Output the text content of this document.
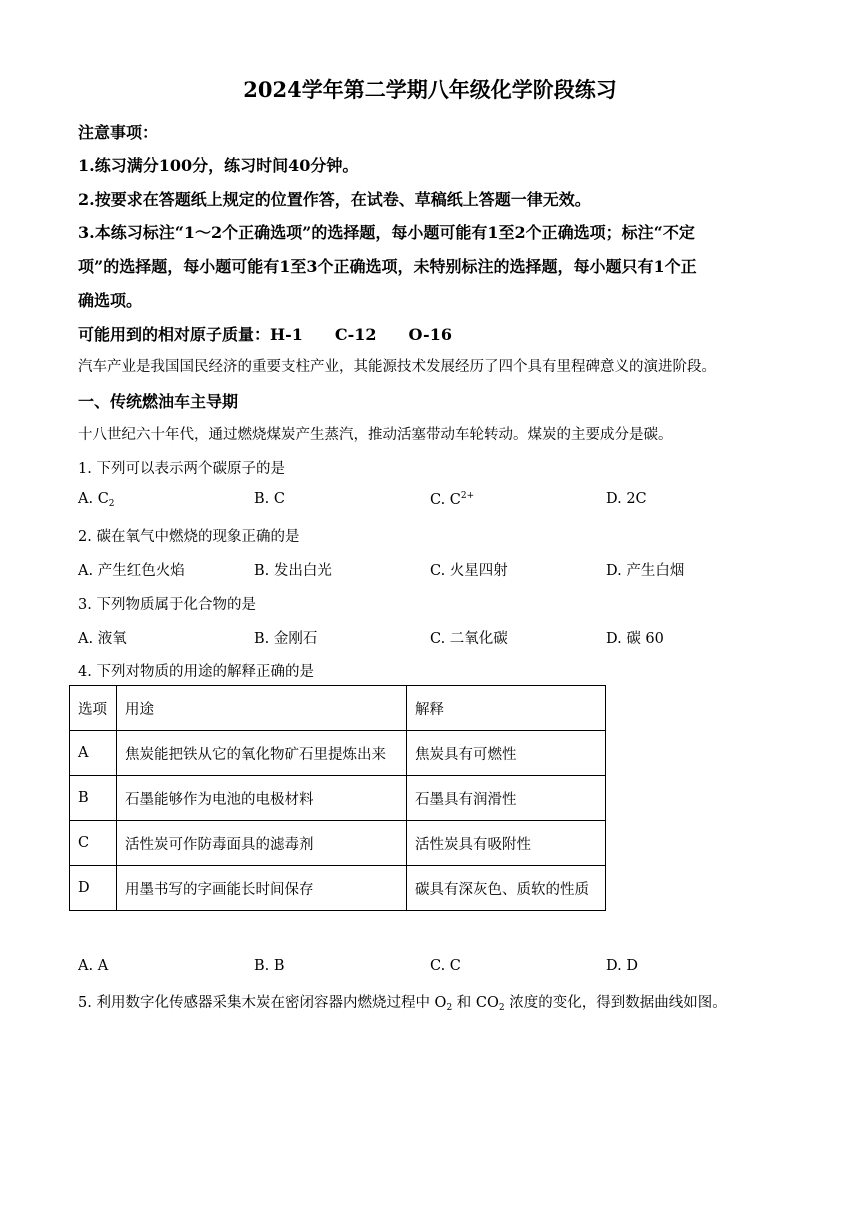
2024学年第二学期八年级化学阶段练习
注意事项：
1.练习满分100分，练习时间40分钟。
2.按要求在答题纸上规定的位置作答，在试卷、草稿纸上答题一律无效。
3.本练习标注“1～2个正确选项”的选择题，每小题可能有1至2个正确选项；标注“不定
项”的选择题，每小题可能有1至3个正确选项，未特别标注的选择题，每小题只有1个正
确选项。
可能用到的相对原子质量：H-1　　C-12　　O-16
汽车产业是我国国民经济的重要支柱产业，其能源技术发展经历了四个具有里程碑意义的演进阶段。
一、传统燃油车主导期
十八世纪六十年代，通过燃烧煤炭产生蒸汽，推动活塞带动车轮转动。煤炭的主要成分是碳。
1. 下列可以表示两个碳原子的是
A. $C_2$	B. C	C. $C^{2+}$	D. 2C
2. 碳在氧气中燃烧的现象正确的是
A. 产生红色火焰	B. 发出白光	C. 火星四射	D. 产生白烟
3. 下列物质属于化合物的是
A. 液氧	B. 金刚石	C. 二氧化碳	D. 碳 60
4. 下列对物质的用途的解释正确的是
选项	用途	解释
A	焦炭能把铁从它的氧化物矿石里提炼出来	焦炭具有可燃性
B	石墨能够作为电池的电极材料	石墨具有润滑性
C	活性炭可作防毒面具的滤毒剂	活性炭具有吸附性
D	用墨书写的字画能长时间保存	碳具有深灰色、质软的性质
A. A	B. B	C. C	D. D
5. 利用数字化传感器采集木炭在密闭容器内燃烧过程中 $O_2$ 和 $CO_2$ 浓度的变化，得到数据曲线如图。
